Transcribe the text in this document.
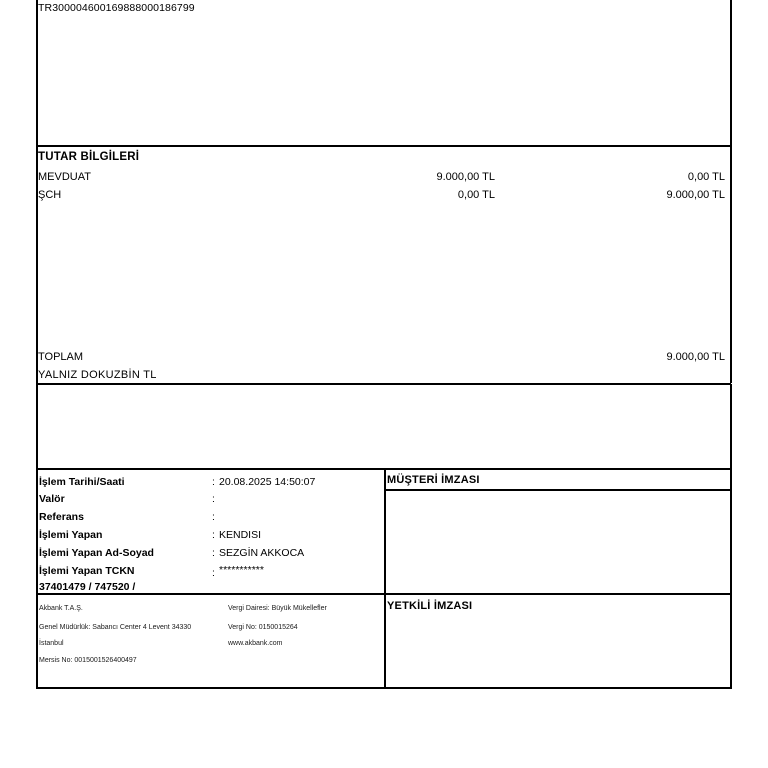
TR300004600169888000186799
TUTAR BİLGİLERİ
MEVDUAT	9.000,00 TL	0,00 TL
ŞCH	0,00 TL	9.000,00 TL
TOPLAM	9.000,00 TL
YALNIZ DOKUZBİN TL
İşlem Tarihi/Saati	: 20.08.2025 14:50:07
Valör	:
Referans	:
İşlemi Yapan	: KENDISI
İşlemi Yapan Ad-Soyad	: SEZGİN AKKOCA
İşlemi Yapan TCKN	: ***********
37401479 / 747520 /
MÜŞTERİ İMZASI
YETKİLİ İMZASI
Akbank T.A.Ş.
Genel Müdürlük: Sabancı Center 4 Levent 34330
İstanbul
Mersis No: 0015001526400497
Vergi Dairesi: Büyük Mükellefler
Vergi No: 0150015264
www.akbank.com
